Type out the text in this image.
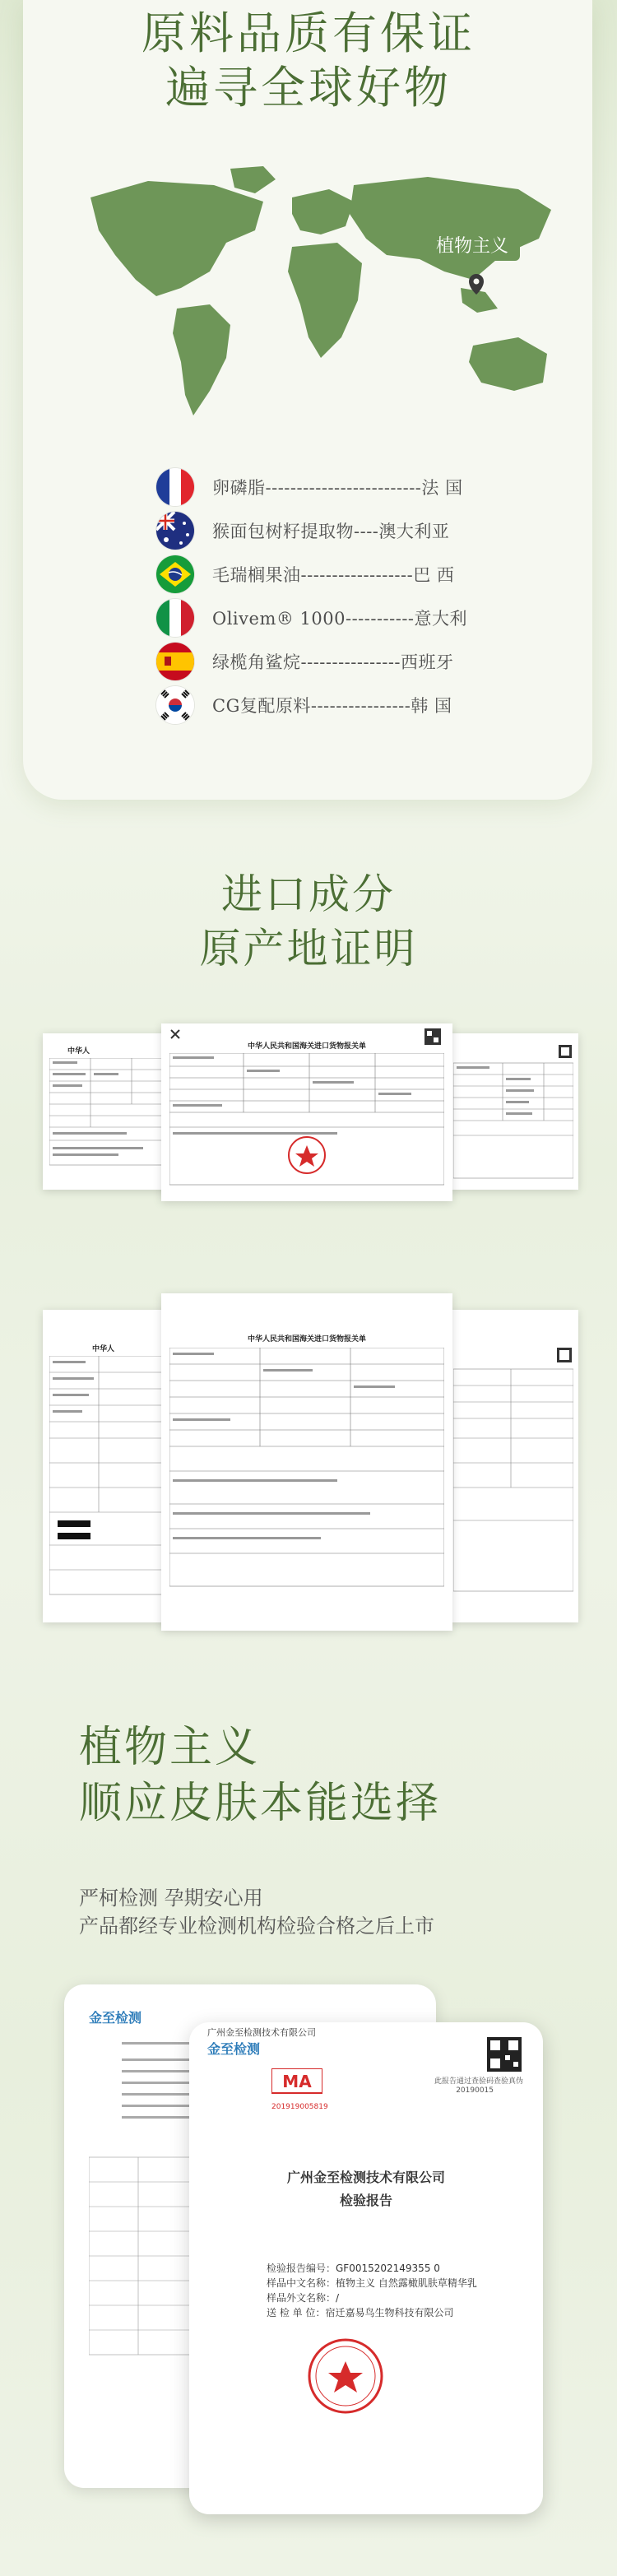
原料品质有保证
遍寻全球好物
植物主义
卵磷脂-------------------------法 国
猴面包树籽提取物----澳大利亚
毛瑞榈果油------------------巴 西
Olivem® 1000-----------意大利
绿榄角鲨烷----------------西班牙
CG复配原料----------------韩 国
进口成分
原产地证明
中华人
中华人民共和国海关进口货物报关单
中华人
中华人民共和国海关进口货物报关单
植物主义
顺应皮肤本能选择
严柯检测 孕期安心用
产品都经专业检测机构检验合格之后上市
金至检测
金至检测
广州金至检测技术有限公司
此报告通过查验码查验真伪
20190015
MA
201919005819
广州金至检测技术有限公司
检验报告
检验报告编号：GF0015202149355 0
样品中文名称：植物主义 自然露橄肌肤草精华乳
样品外文名称：/
送 检 单 位：宿迁嘉易鸟生物科技有限公司
